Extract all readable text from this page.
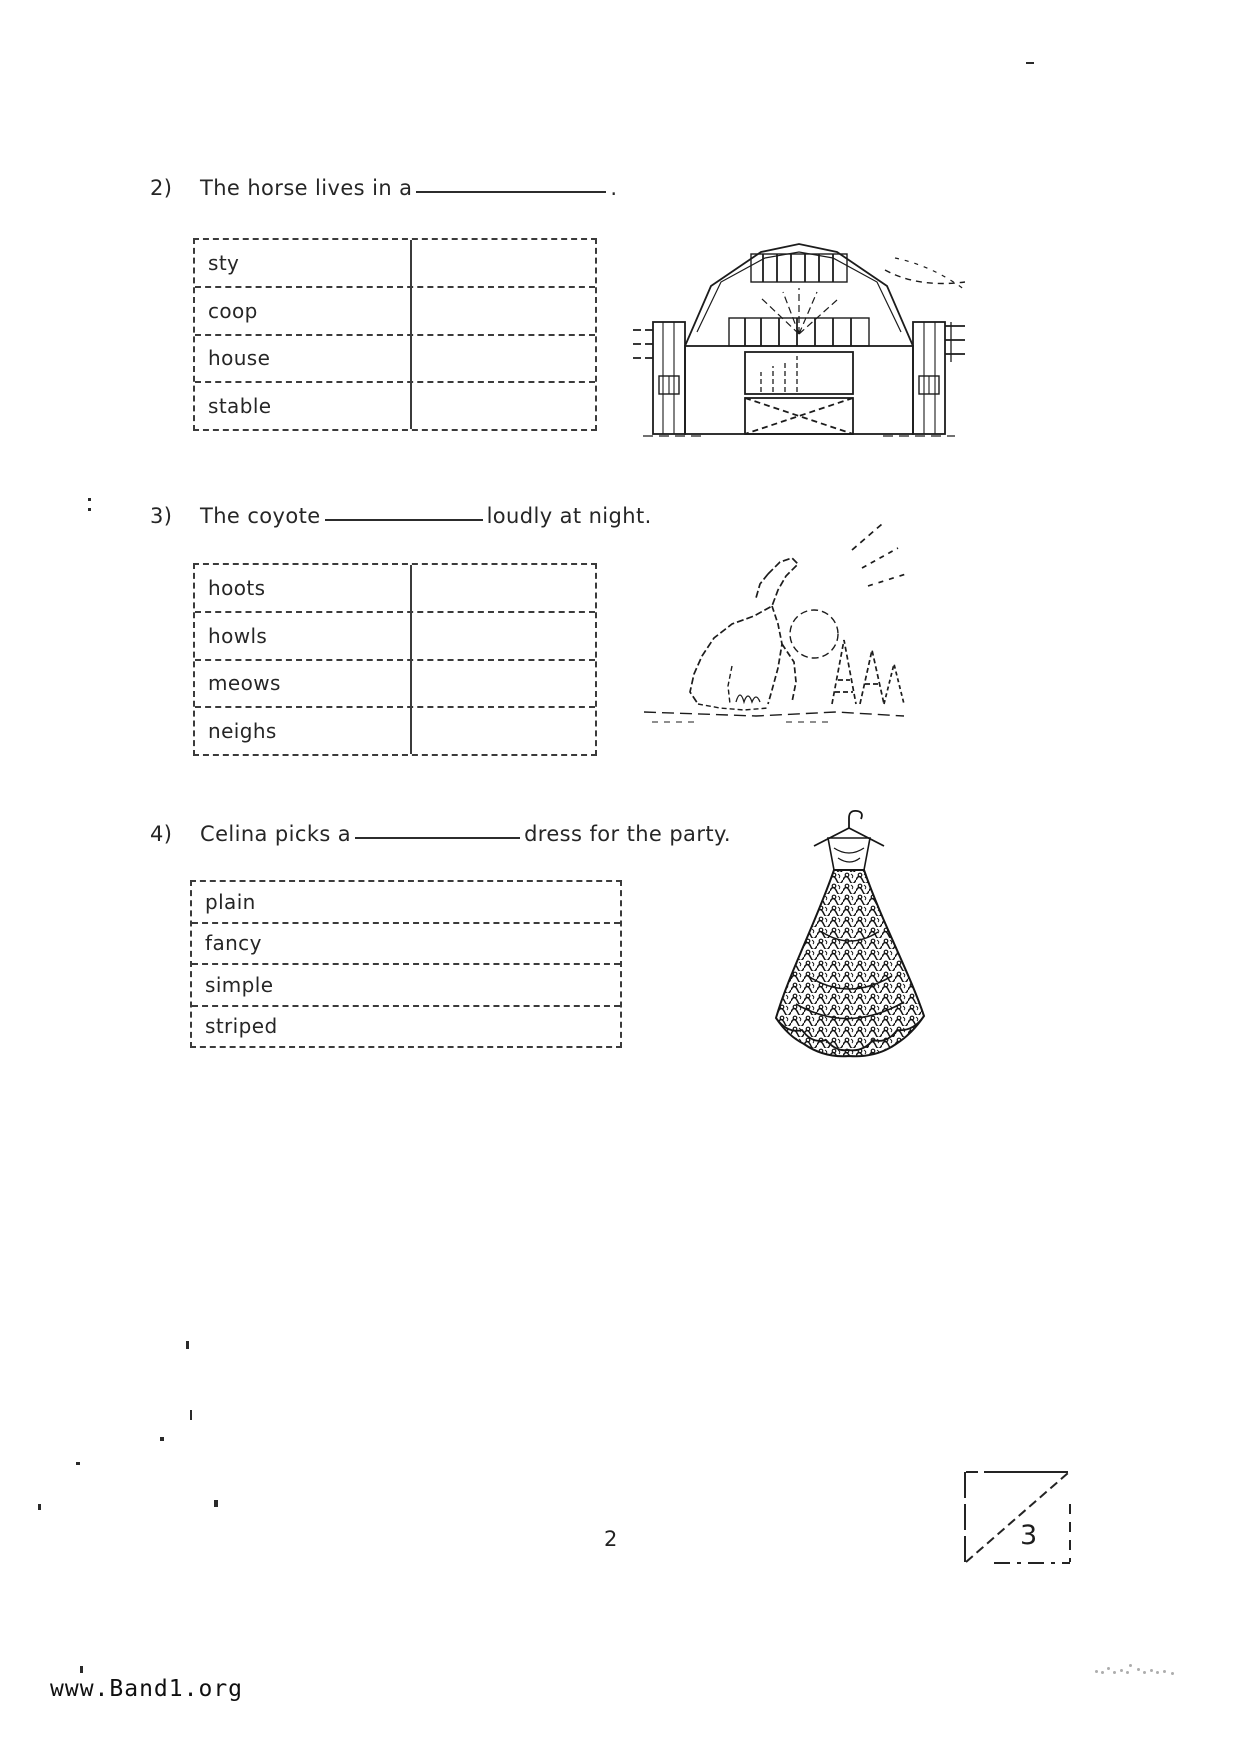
2)	The horse lives in a	.
sty
coop
house
stable
3)	The coyote	loudly at night.
hoots
howls
meows
neighs
4)	Celina picks a	dress for the party.
plain
fancy
simple
striped
2	3
www.Band1.org
